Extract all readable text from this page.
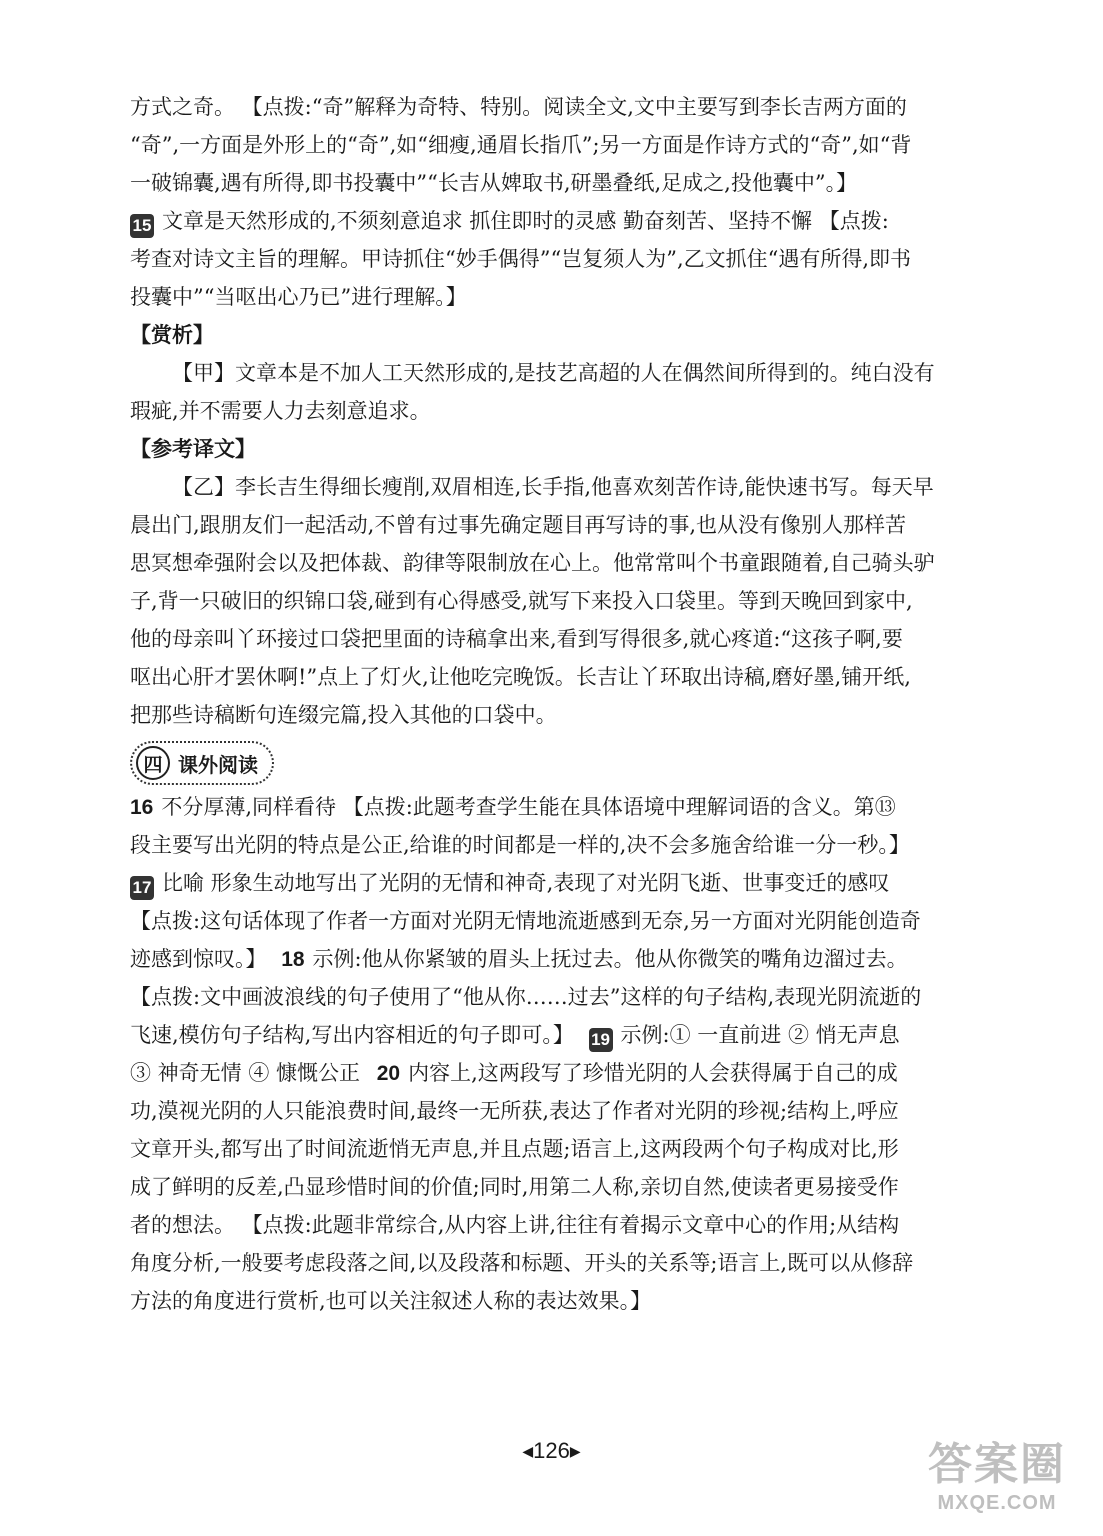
方式之奇。 【点拨:“奇”解释为奇特、特别。阅读全文,文中主要写到李长吉两方面的
“奇”,一方面是外形上的“奇”,如“细瘦,通眉长指爪”;另一方面是作诗方式的“奇”,如“背
一破锦囊,遇有所得,即书投囊中”“长吉从婢取书,研墨叠纸,足成之,投他囊中”。】
15 文章是天然形成的,不须刻意追求 抓住即时的灵感 勤奋刻苦、坚持不懈 【点拨:
考查对诗文主旨的理解。甲诗抓住“妙手偶得”“岂复须人为”,乙文抓住“遇有所得,即书
投囊中”“当呕出心乃已”进行理解。】
【赏析】
【甲】文章本是不加人工天然形成的,是技艺高超的人在偶然间所得到的。纯白没有
瑕疵,并不需要人力去刻意追求。
【参考译文】
【乙】李长吉生得细长瘦削,双眉相连,长手指,他喜欢刻苦作诗,能快速书写。每天早
晨出门,跟朋友们一起活动,不曾有过事先确定题目再写诗的事,也从没有像别人那样苦
思冥想牵强附会以及把体裁、韵律等限制放在心上。他常常叫个书童跟随着,自己骑头驴
子,背一只破旧的织锦口袋,碰到有心得感受,就写下来投入口袋里。等到天晚回到家中,
他的母亲叫丫环接过口袋把里面的诗稿拿出来,看到写得很多,就心疼道:“这孩子啊,要
呕出心肝才罢休啊!”点上了灯火,让他吃完晚饭。长吉让丫环取出诗稿,磨好墨,铺开纸,
把那些诗稿断句连缀完篇,投入其他的口袋中。
四 课外阅读
16 不分厚薄,同样看待 【点拨:此题考查学生能在具体语境中理解词语的含义。第⑬
段主要写出光阴的特点是公正,给谁的时间都是一样的,决不会多施舍给谁一分一秒。】
17 比喻 形象生动地写出了光阴的无情和神奇,表现了对光阴飞逝、世事变迁的感叹
【点拨:这句话体现了作者一方面对光阴无情地流逝感到无奈,另一方面对光阴能创造奇
迹感到惊叹。】 18 示例:他从你紧皱的眉头上抚过去。他从你微笑的嘴角边溜过去。
【点拨:文中画波浪线的句子使用了“他从你……过去”这样的句子结构,表现光阴流逝的
飞速,模仿句子结构,写出内容相近的句子即可。】 19 示例:① 一直前进 ② 悄无声息
③ 神奇无情 ④ 慷慨公正 20 内容上,这两段写了珍惜光阴的人会获得属于自己的成
功,漠视光阴的人只能浪费时间,最终一无所获,表达了作者对光阴的珍视;结构上,呼应
文章开头,都写出了时间流逝悄无声息,并且点题;语言上,这两段两个句子构成对比,形
成了鲜明的反差,凸显珍惜时间的价值;同时,用第二人称,亲切自然,使读者更易接受作
者的想法。 【点拨:此题非常综合,从内容上讲,往往有着揭示文章中心的作用;从结构
角度分析,一般要考虑段落之间,以及段落和标题、开头的关系等;语言上,既可以从修辞
方法的角度进行赏析,也可以关注叙述人称的表达效果。】
◀126▶	答案圈
MXQE.COM
